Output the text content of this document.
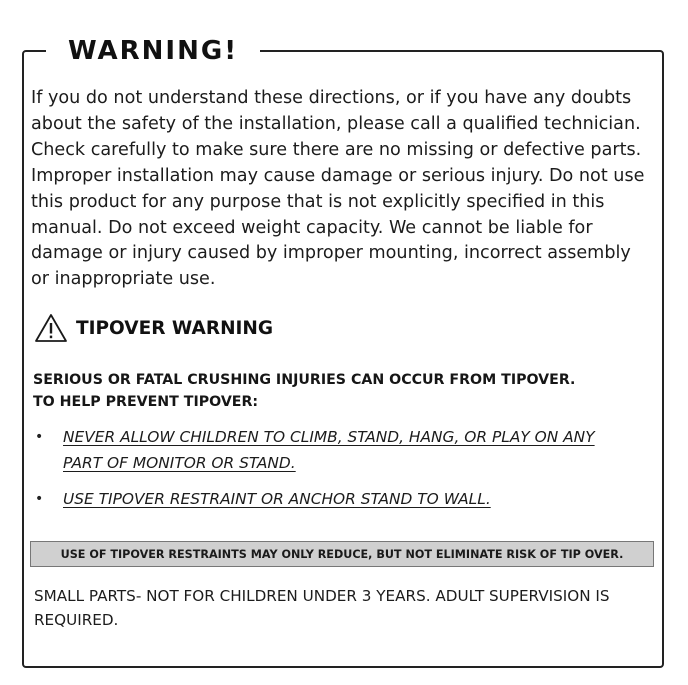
WARNING!
If you do not understand these directions, or if you have any doubts
about the safety of the installation, please call a qualified technician.
Check carefully to make sure there are no missing or defective parts.
Improper installation may cause damage or serious injury. Do not use
this product for any purpose that is not explicitly specified in this
manual. Do not exceed weight capacity. We cannot be liable for
damage or injury caused by improper mounting, incorrect assembly
or inappropriate use.
TIPOVER WARNING
SERIOUS OR FATAL CRUSHING INJURIES CAN OCCUR FROM TIPOVER.
TO HELP PREVENT TIPOVER:
•	NEVER ALLOW CHILDREN TO CLIMB, STAND, HANG, OR PLAY ON ANY
PART OF MONITOR OR STAND.
•	USE TIPOVER RESTRAINT OR ANCHOR STAND TO WALL.
USE OF TIPOVER RESTRAINTS MAY ONLY REDUCE, BUT NOT ELIMINATE RISK OF TIP OVER.
SMALL PARTS- NOT FOR CHILDREN UNDER 3 YEARS. ADULT SUPERVISION IS REQUIRED.
